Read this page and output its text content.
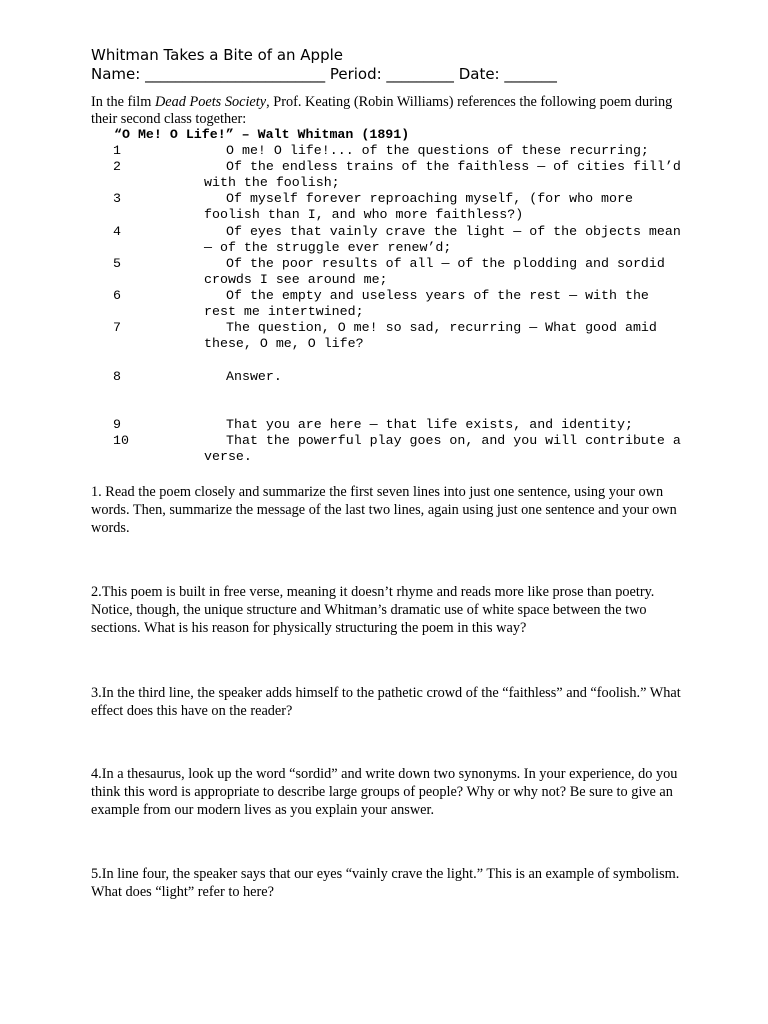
Whitman Takes a Bite of an Apple
Name: ________________________ Period: _________ Date: _______
In the film Dead Poets Society, Prof. Keating (Robin Williams) references the following poem during their second class together:
“O Me! O Life!” – Walt Whitman (1891)
1	O me! O life!... of the questions of these recurring;
2	Of the endless trains of the faithless — of cities fill’d with the foolish;
3	Of myself forever reproaching myself, (for who more foolish than I, and who more faithless?)
4	Of eyes that vainly crave the light — of the objects mean — of the struggle ever renew’d;
5	Of the poor results of all — of the plodding and sordid crowds I see around me;
6	Of the empty and useless years of the rest — with the rest me intertwined;
7	The question, O me! so sad, recurring — What good amid these, O me, O life?
8	Answer.
9	That you are here — that life exists, and identity;
10	That the powerful play goes on, and you will contribute a verse.
1. Read the poem closely and summarize the first seven lines into just one sentence, using your own words. Then, summarize the message of the last two lines, again using just one sentence and your own words.
2.This poem is built in free verse, meaning it doesn’t rhyme and reads more like prose than poetry. Notice, though, the unique structure and Whitman’s dramatic use of white space between the two sections. What is his reason for physically structuring the poem in this way?
3.In the third line, the speaker adds himself to the pathetic crowd of the “faithless” and “foolish.” What effect does this have on the reader?
4.In a thesaurus, look up the word “sordid” and write down two synonyms. In your experience, do you think this word is appropriate to describe large groups of people? Why or why not? Be sure to give an example from our modern lives as you explain your answer.
5.In line four, the speaker says that our eyes “vainly crave the light.” This is an example of symbolism. What does “light” refer to here?
